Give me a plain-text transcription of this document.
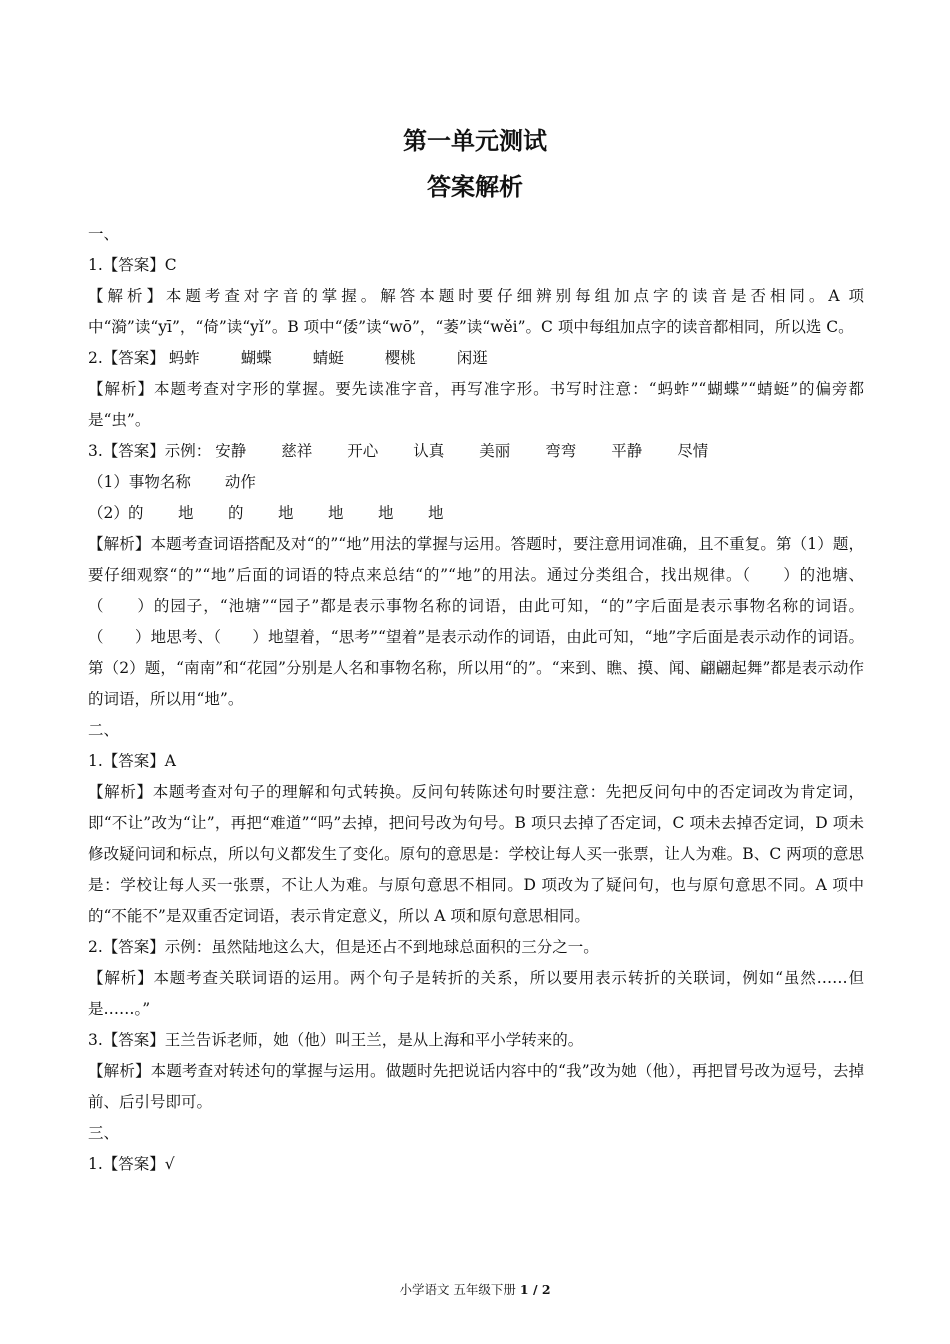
第一单元测试
答案解析
一、
1.【答案】C
【解析】本题考查对字音的掌握。解答本题时要仔细辨别每组加点字的读音是否相同。A 项中“漪”读“yī”，“倚”读“yǐ”。B 项中“倭”读“wō”，“萎”读“wěi”。C 项中每组加点字的读音都相同，所以选 C。
2.【答案】 蚂蚱	蝴蝶	蜻蜓	樱桃	闲逛
【解析】本题考查对字形的掌握。要先读准字音，再写准字形。书写时注意：“蚂蚱”“蝴蝶”“蜻蜓”的偏旁都是“虫”。
3.【答案】示例： 安静	慈祥	开心	认真	美丽	弯弯	平静	尽情
（1） 事物名称	动作
（2） 的	地	的	地	地	地	地
【解析】本题考查词语搭配及对“的”“地”用法的掌握与运用。答题时，要注意用词准确，且不重复。第（1）题，要仔细观察“的”“地”后面的词语的特点来总结“的”“地”的用法。通过分类组合，找出规律。（　　）的池塘、（　　）的园子，“池塘”“园子”都是表示事物名称的词语，由此可知，“的”字后面是表示事物名称的词语。（　　）地思考、（　　）地望着，“思考”“望着”是表示动作的词语，由此可知，“地”字后面是表示动作的词语。第（2）题，“南南”和“花园”分别是人名和事物名称，所以用“的”。“来到、瞧、摸、闻、翩翩起舞”都是表示动作的词语，所以用“地”。
二、
1.【答案】A
【解析】本题考查对句子的理解和句式转换。反问句转陈述句时要注意：先把反问句中的否定词改为肯定词，即“不让”改为“让”，再把“难道”“吗”去掉，把问号改为句号。B 项只去掉了否定词，C 项未去掉否定词，D 项未修改疑问词和标点，所以句义都发生了变化。原句的意思是：学校让每人买一张票，让人为难。B、C 两项的意思是：学校让每人买一张票，不让人为难。与原句意思不相同。D 项改为了疑问句，也与原句意思不同。A 项中的“不能不”是双重否定词语，表示肯定意义，所以 A 项和原句意思相同。
2.【答案】示例：虽然陆地这么大，但是还占不到地球总面积的三分之一。
【解析】本题考查关联词语的运用。两个句子是转折的关系，所以要用表示转折的关联词，例如“虽然……但是……。”
3.【答案】王兰告诉老师，她（他）叫王兰，是从上海和平小学转来的。
【解析】本题考查对转述句的掌握与运用。做题时先把说话内容中的“我”改为她（他），再把冒号改为逗号，去掉前、后引号即可。
三、
1.【答案】√
小学语文 五年级下册 1 / 2
